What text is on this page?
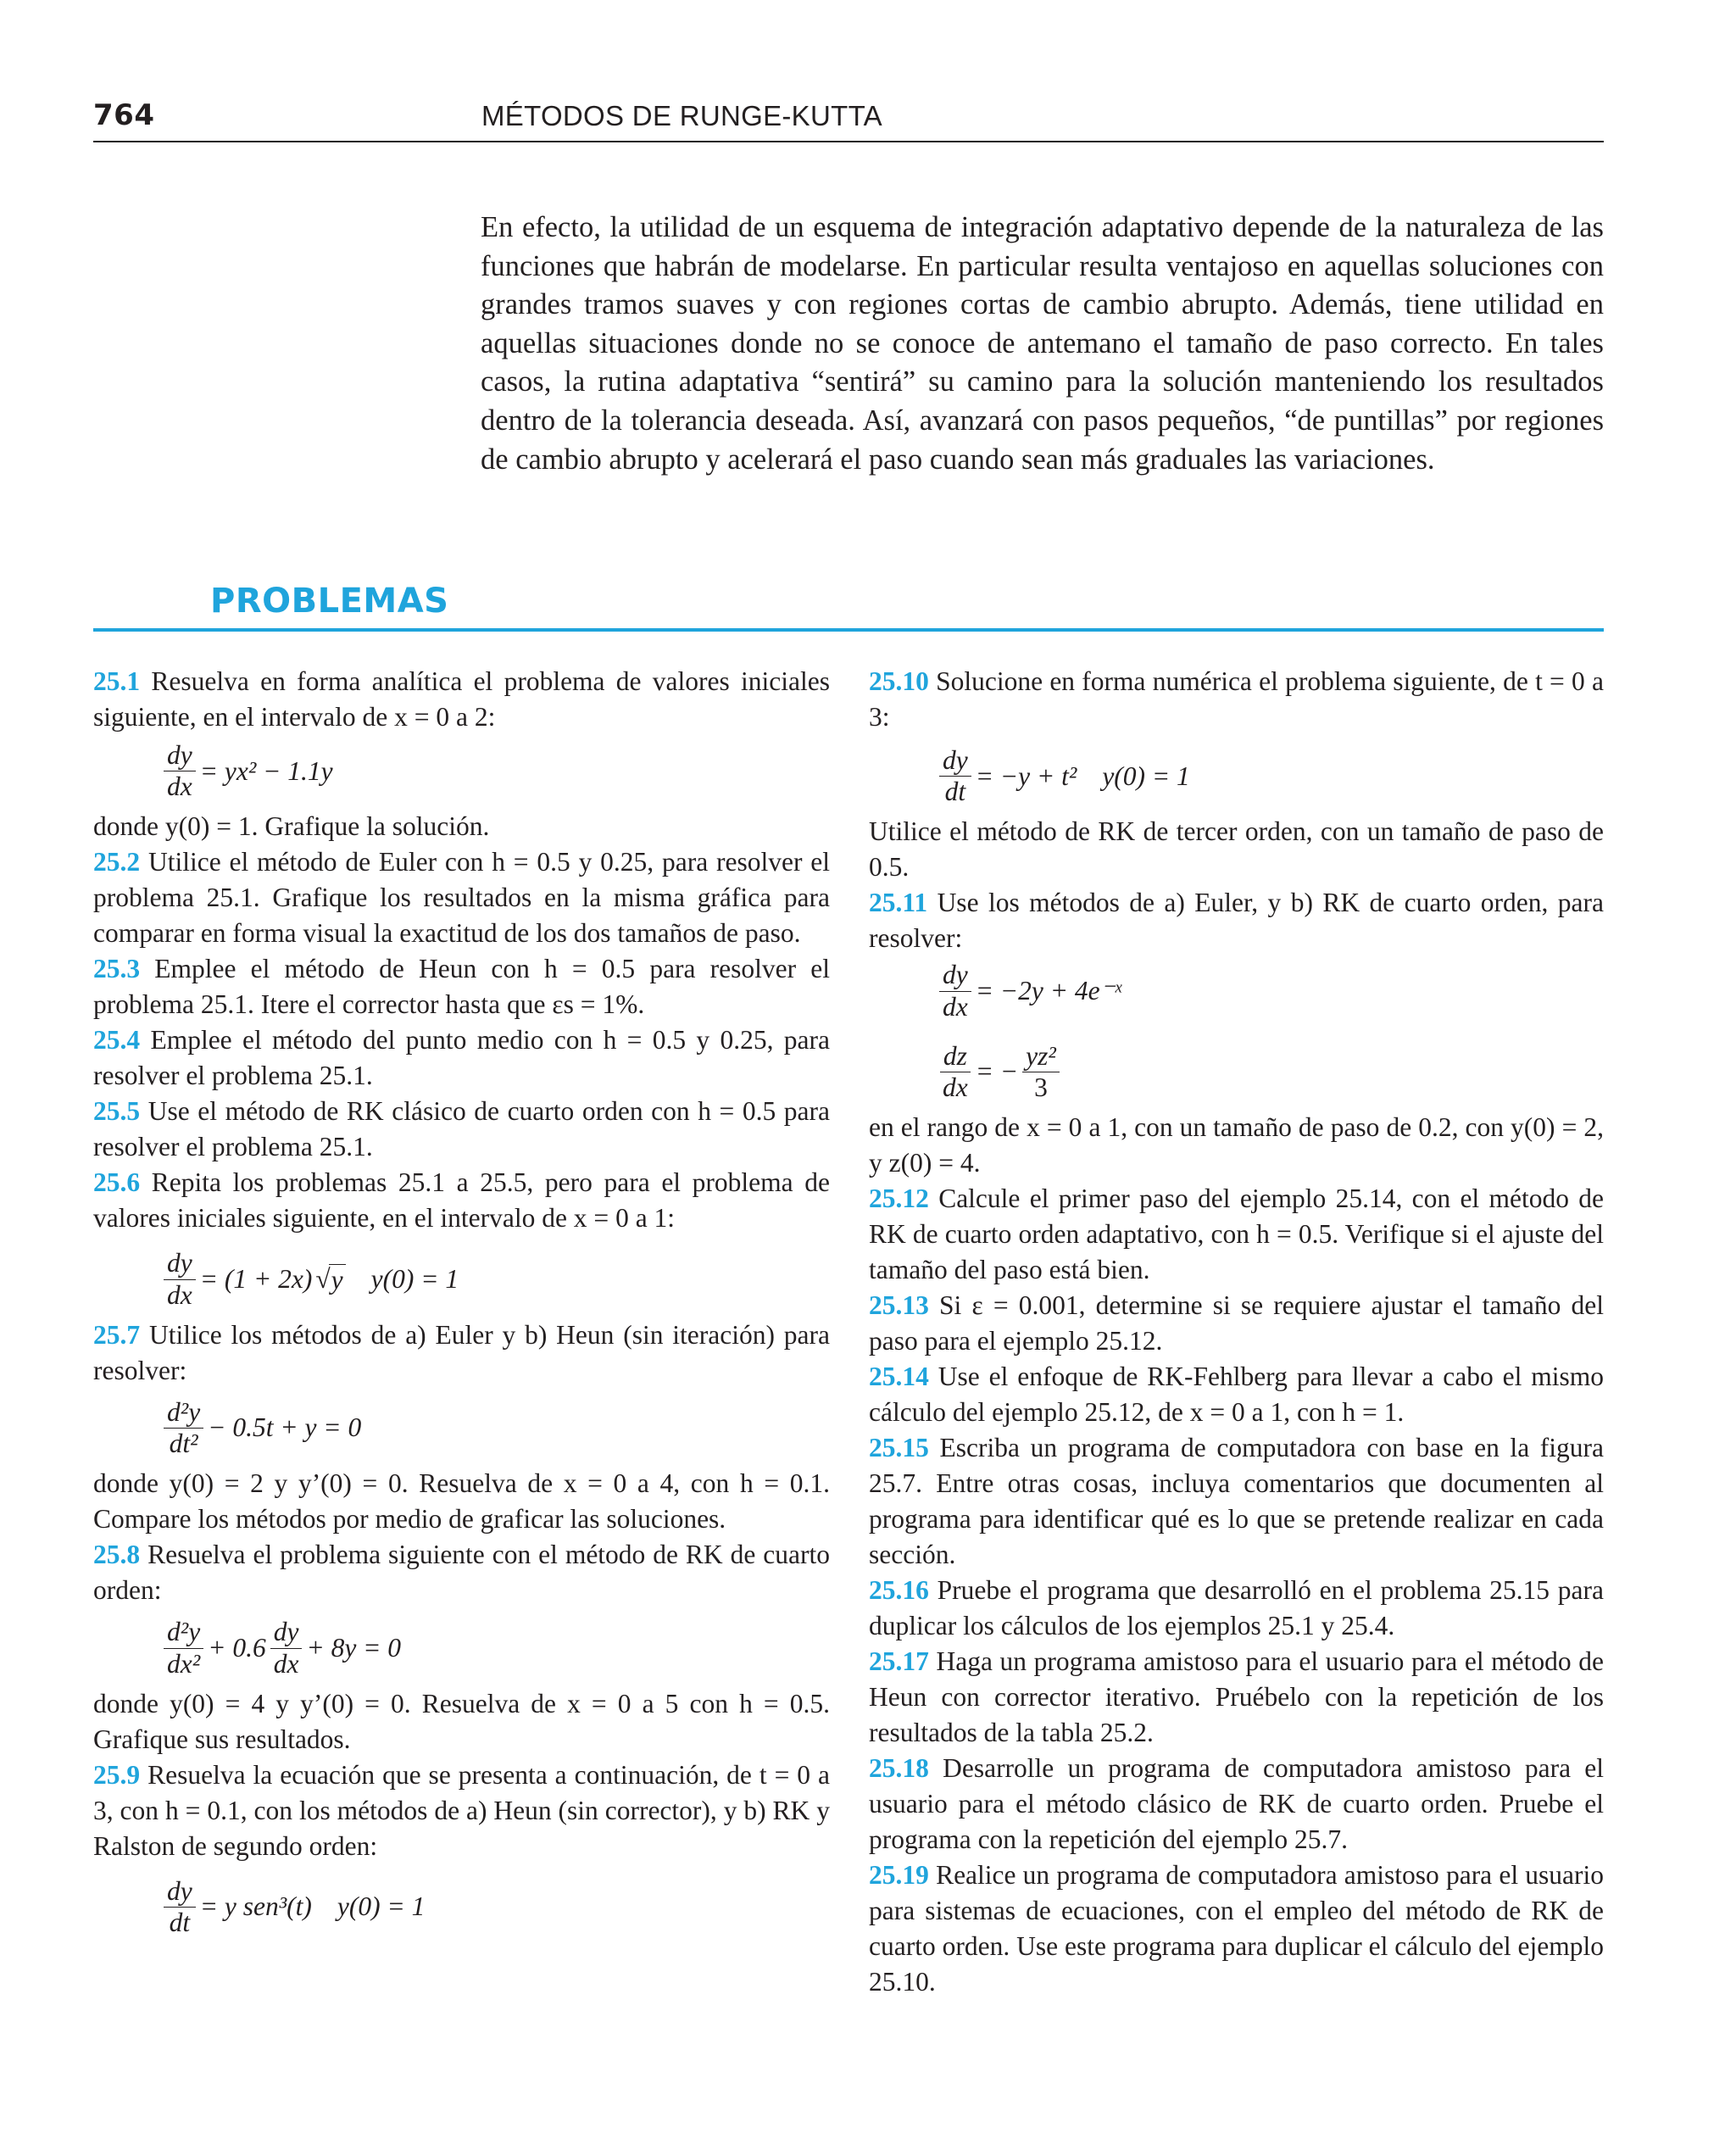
764	MÉTODOS DE RUNGE-KUTTA

En efecto, la utilidad de un esquema de integración adaptativo depende de la naturaleza de las funciones que habrán de modelarse. En particular resulta ventajoso en aquellas soluciones con grandes tramos suaves y con regiones cortas de cambio abrupto. Además, tiene utilidad en aquellas situaciones donde no se conoce de antemano el tamaño de paso correcto. En tales casos, la rutina adaptativa “sentirá” su camino para la solución manteniendo los resultados dentro de la tolerancia deseada. Así, avanzará con pasos pequeños, “de puntillas” por regiones de cambio abrupto y acelerará el paso cuando sean más graduales las variaciones.

PROBLEMAS

25.1 Resuelva en forma analítica el problema de valores iniciales siguiente, en el intervalo de x = 0 a 2:

$\frac{dy}{dx} = yx^2 - 1.1y$

donde y(0) = 1. Grafique la solución.

25.2 Utilice el método de Euler con h = 0.5 y 0.25, para resolver el problema 25.1. Grafique los resultados en la misma gráfica para comparar en forma visual la exactitud de los dos tamaños de paso.

25.3 Emplee el método de Heun con h = 0.5 para resolver el problema 25.1. Itere el corrector hasta que εs = 1%.

25.4 Emplee el método del punto medio con h = 0.5 y 0.25, para resolver el problema 25.1.

25.5 Use el método de RK clásico de cuarto orden con h = 0.5 para resolver el problema 25.1.

25.6 Repita los problemas 25.1 a 25.5, pero para el problema de valores iniciales siguiente, en el intervalo de x = 0 a 1:

$\frac{dy}{dx} = (1 + 2x)$ √ y y(0) = 1

25.7 Utilice los métodos de a) Euler y b) Heun (sin iteración) para resolver:

$\frac{\text{d²y}}{\text{dt²}} - 0.5t + y = 0$

donde y(0) = 2 y y’(0) = 0. Resuelva de x = 0 a 4, con h = 0.1. Compare los métodos por medio de graficar las soluciones.

25.8 Resuelva el problema siguiente con el método de RK de cuarto orden:

$\frac{\text{d²y}}{\text{dx²}} + 0.6 \frac{dy}{dx} + 8y = 0$

donde y(0) = 4 y y’(0) = 0. Resuelva de x = 0 a 5 con h = 0.5. Grafique sus resultados.

25.9 Resuelva la ecuación que se presenta a continuación, de t = 0 a 3, con h = 0.1, con los métodos de a) Heun (sin corrector), y b) RK y Ralston de segundo orden:

$\frac{dy}{dt} = y$ sen³(t) y(0) = 1

25.10 Solucione en forma numérica el problema siguiente, de t = 0 a 3:

$\frac{dy}{dt} = -y + t^2$ y(0) = 1

Utilice el método de RK de tercer orden, con un tamaño de paso de 0.5.

25.11 Use los métodos de a) Euler, y b) RK de cuarto orden, para resolver:

$\frac{dy}{dx} = -2y$ + 4e⁻ˣ
$\frac{dz}{dx}$ = − $\frac{\text{yz²}}{3}$

en el rango de x = 0 a 1, con un tamaño de paso de 0.2, con y(0) = 2, y z(0) = 4.

25.12 Calcule el primer paso del ejemplo 25.14, con el método de RK de cuarto orden adaptativo, con h = 0.5. Verifique si el ajuste del tamaño del paso está bien.

25.13 Si ε = 0.001, determine si se requiere ajustar el tamaño del paso para el ejemplo 25.12.

25.14 Use el enfoque de RK-Fehlberg para llevar a cabo el mismo cálculo del ejemplo 25.12, de x = 0 a 1, con h = 1.

25.15 Escriba un programa de computadora con base en la figura 25.7. Entre otras cosas, incluya comentarios que documenten al programa para identificar qué es lo que se pretende realizar en cada sección.

25.16 Pruebe el programa que desarrolló en el problema 25.15 para duplicar los cálculos de los ejemplos 25.1 y 25.4.

25.17 Haga un programa amistoso para el usuario para el método de Heun con corrector iterativo. Pruébelo con la repetición de los resultados de la tabla 25.2.

25.18 Desarrolle un programa de computadora amistoso para el usuario para el método clásico de RK de cuarto orden. Pruebe el programa con la repetición del ejemplo 25.7.

25.19 Realice un programa de computadora amistoso para el usuario para sistemas de ecuaciones, con el empleo del método de RK de cuarto orden. Use este programa para duplicar el cálculo del ejemplo 25.10.
